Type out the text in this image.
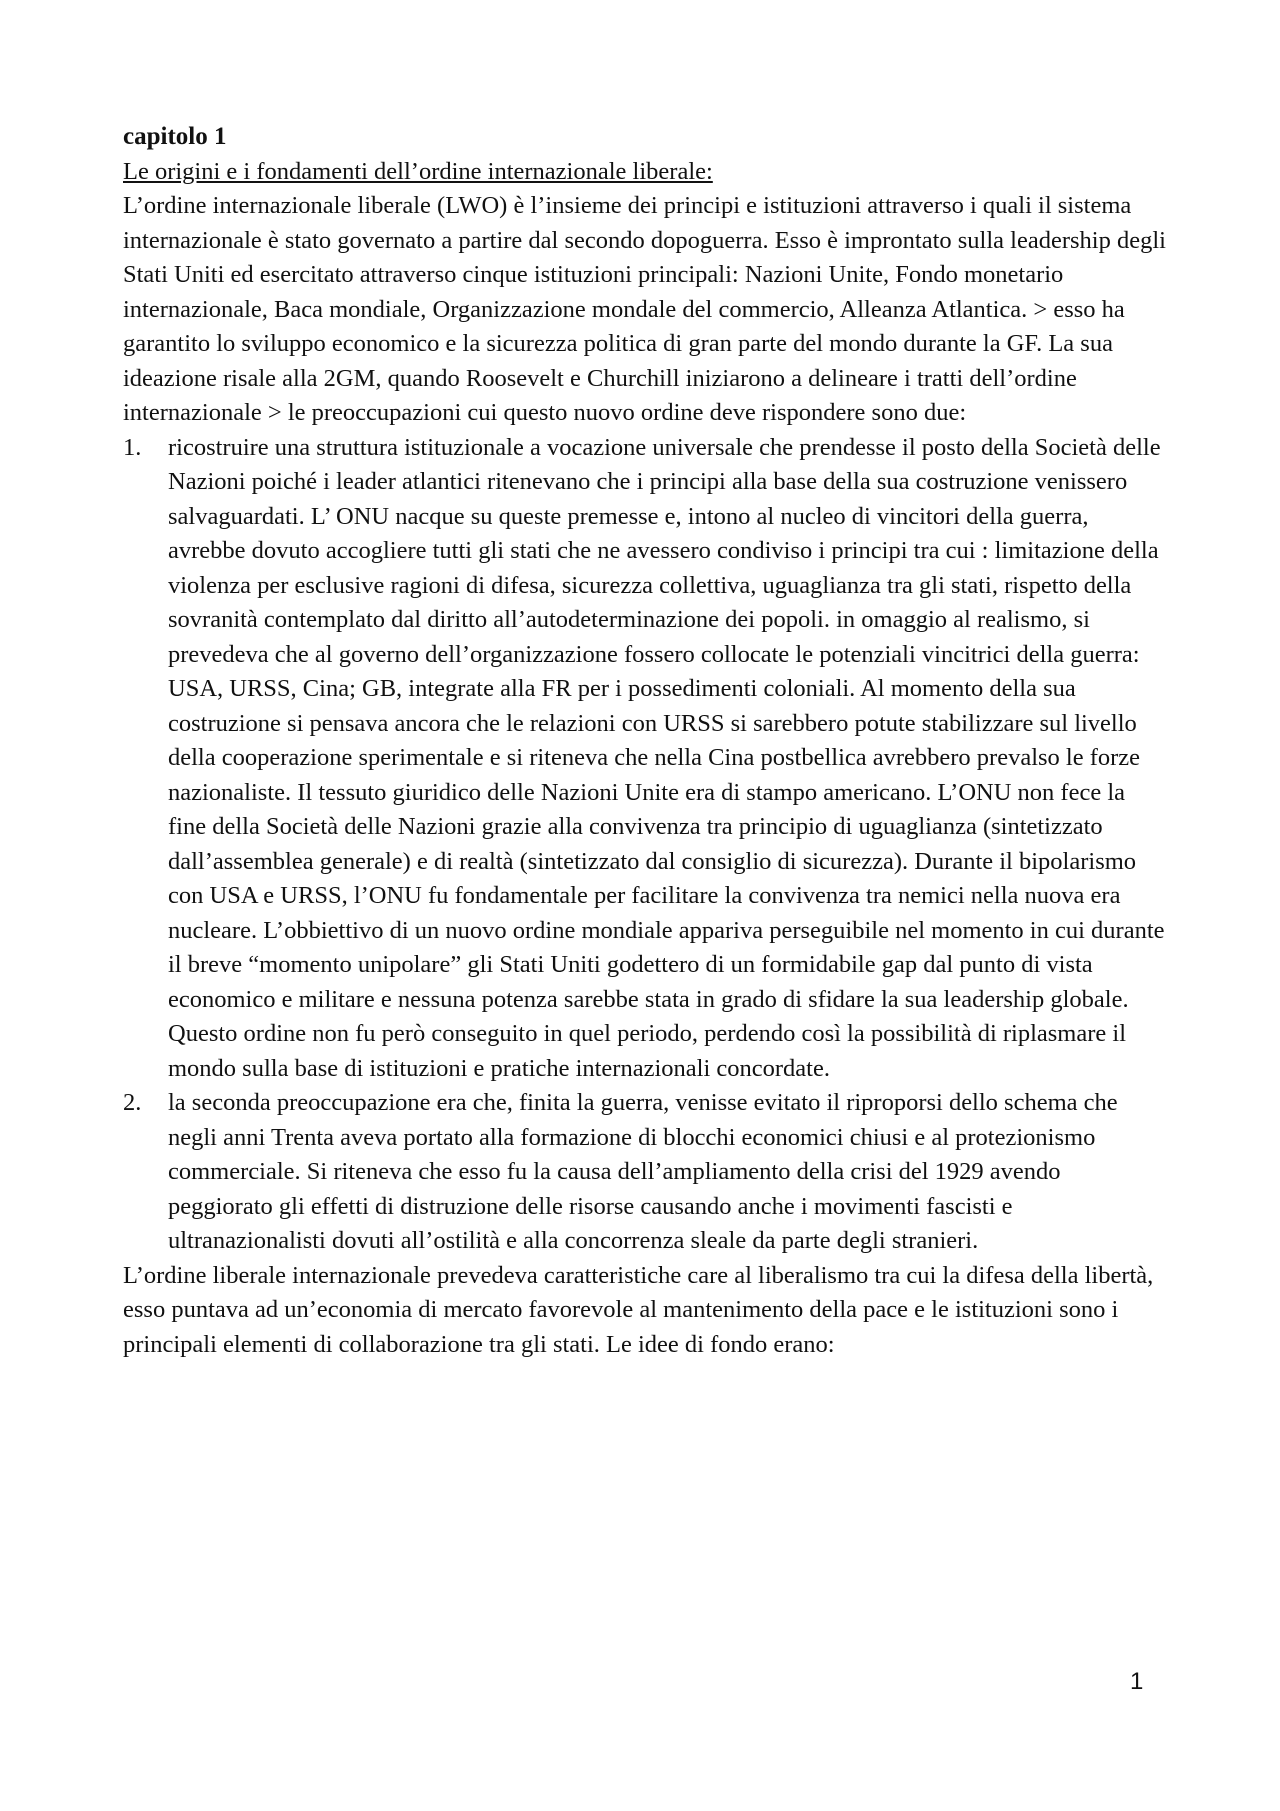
capitolo 1

Le origini e i fondamenti dell’ordine internazionale liberale:

L’ordine internazionale liberale (LWO) è l’insieme dei principi e istituzioni attraverso i quali il sistema internazionale è stato governato a partire dal secondo dopoguerra. Esso è improntato sulla leadership degli Stati Uniti ed esercitato attraverso cinque istituzioni principali: Nazioni Unite, Fondo monetario internazionale, Baca mondiale, Organizzazione mondale del commercio, Alleanza Atlantica. > esso ha garantito lo sviluppo economico e la sicurezza politica di gran parte del mondo durante la GF. La sua ideazione risale alla 2GM, quando Roosevelt e Churchill iniziarono a delineare i tratti dell’ordine internazionale > le preoccupazioni cui questo nuovo ordine deve rispondere sono due:

1. ricostruire una struttura istituzionale a vocazione universale che prendesse il posto della Società delle Nazioni poiché i leader atlantici ritenevano che i principi alla base della sua costruzione venissero salvaguardati. L’ ONU nacque su queste premesse e, intono al nucleo di vincitori della guerra, avrebbe dovuto accogliere tutti gli stati che ne avessero condiviso i principi tra cui : limitazione della violenza per esclusive ragioni di difesa, sicurezza collettiva, uguaglianza tra gli stati, rispetto della sovranità contemplato dal diritto all’autodeterminazione dei popoli. in omaggio al realismo, si prevedeva che al governo dell’organizzazione fossero collocate le potenziali vincitrici della guerra: USA, URSS, Cina; GB, integrate alla FR per i possedimenti coloniali. Al momento della sua costruzione si pensava ancora che le relazioni con URSS si sarebbero potute stabilizzare sul livello della cooperazione sperimentale e si riteneva che nella Cina postbellica avrebbero prevalso le forze nazionaliste. Il tessuto giuridico delle Nazioni Unite era di stampo americano. L’ONU non fece la fine della Società delle Nazioni grazie alla convivenza tra principio di uguaglianza (sintetizzato dall’assemblea generale) e di realtà (sintetizzato dal consiglio di sicurezza). Durante il bipolarismo con USA e URSS, l’ONU fu fondamentale per facilitare la convivenza tra nemici nella nuova era nucleare. L’obbiettivo di un nuovo ordine mondiale appariva perseguibile nel momento in cui durante il breve “momento unipolare” gli Stati Uniti godettero di un formidabile gap dal punto di vista economico e militare e nessuna potenza sarebbe stata in grado di sfidare la sua leadership globale. Questo ordine non fu però conseguito in quel periodo, perdendo così la possibilità di riplasmare il mondo sulla base di istituzioni e pratiche internazionali concordate.
2. la seconda preoccupazione era che, finita la guerra, venisse evitato il riproporsi dello schema che negli anni Trenta aveva portato alla formazione di blocchi economici chiusi e al protezionismo commerciale. Si riteneva che esso fu la causa dell’ampliamento della crisi del 1929 avendo peggiorato gli effetti di distruzione delle risorse causando anche i movimenti fascisti e ultranazionalisti dovuti all’ostilità e alla concorrenza sleale da parte degli stranieri.

L’ordine liberale internazionale prevedeva caratteristiche care al liberalismo tra cui la difesa della libertà, esso puntava ad un’economia di mercato favorevole al mantenimento della pace e le istituzioni sono i principali elementi di collaborazione tra gli stati. Le idee di fondo erano:

1
